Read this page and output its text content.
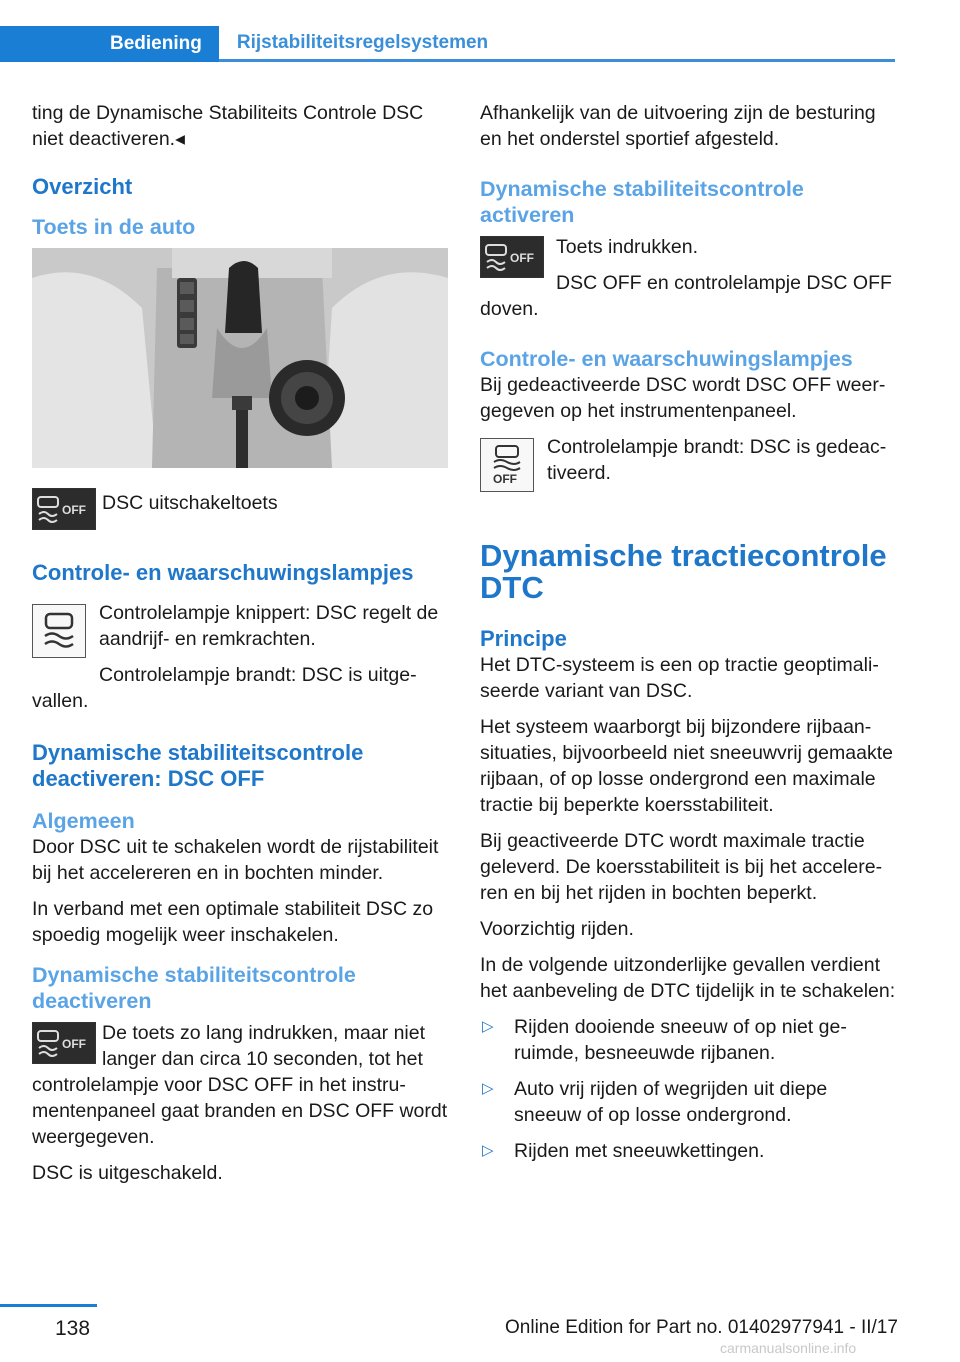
Bediening	Rijstabiliteitsregelsystemen

ting de Dynamische Stabiliteits Controle DSC niet deactiveren.◂

Overzicht
Toets in de auto
OFF DSC uitschakeltoets

Controle- en waarschuwingslampjes

Controlelampje knippert: DSC regelt de aandrijf- en remkrachten.

Controlelampje brandt: DSC is uitge-

vallen.

Dynamische stabiliteitscontrole deactiveren: DSC OFF
Algemeen

Door DSC uit te schakelen wordt de rijstabiliteit bij het accelereren en in bochten minder.

In verband met een optimale stabiliteit DSC zo spoedig mogelijk weer inschakelen.

Dynamische stabiliteitscontrole deactiveren
OFF De toets zo lang indrukken, maar niet langer dan circa 10 seconden, tot het

controlelampje voor DSC OFF in het instrumentenpaneel gaat branden en DSC OFF wordt weergegeven.

DSC is uitgeschakeld.

Afhankelijk van de uitvoering zijn de besturing en het onderstel sportief afgesteld.

Dynamische stabiliteitscontrole activeren
OFF Toets indrukken.

DSC OFF en controlelampje DSC OFF

doven.

Controle- en waarschuwingslampjes

Bij gedeactiveerde DSC wordt DSC OFF weergegeven op het instrumentenpaneel.

OFF

Controlelampje brandt: DSC is gedeactiveerd.

Dynamische tractiecontrole DTC
Principe

Het DTC-systeem is een op tractie geoptimaliseerde variant van DSC.

Het systeem waarborgt bij bijzondere rijbaansituaties, bijvoorbeeld niet sneeuwvrij gemaakte rijbaan, of op losse ondergrond een maximale tractie bij beperkte koersstabiliteit.

Bij geactiveerde DTC wordt maximale tractie geleverd. De koersstabiliteit is bij het accelereren en bij het rijden in bochten beperkt.

Voorzichtig rijden.

In de volgende uitzonderlijke gevallen verdient het aanbeveling de DTC tijdelijk in te schakelen:

▷	Rijden dooiende sneeuw of op niet geruimde, besneeuwde rijbanen.
▷	Auto vrij rijden of wegrijden uit diepe sneeuw of op losse ondergrond.
▷	Rijden met sneeuwkettingen.
138	Online Edition for Part no. 01402977941 - II/17
carmanualsonline.info
